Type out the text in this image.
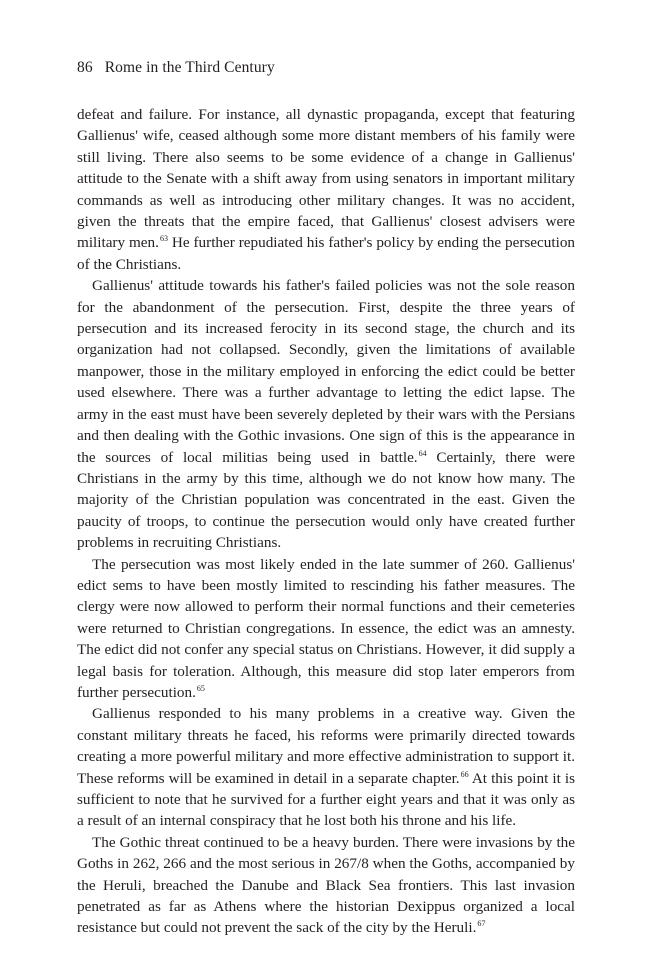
86 Rome in the Third Century

defeat and failure. For instance, all dynastic propaganda, except that featuring Gallienus' wife, ceased although some more distant members of his family were still living. There also seems to be some evidence of a change in Gallienus' attitude to the Senate with a shift away from using senators in important military commands as well as introducing other military changes. It was no accident, given the threats that the empire faced, that Gallienus' closest advisers were military men.$^{63}$ He further repudiated his father's policy by ending the persecution of the Christians.

Gallienus' attitude towards his father's failed policies was not the sole reason for the abandonment of the persecution. First, despite the three years of persecution and its increased ferocity in its second stage, the church and its organization had not collapsed. Secondly, given the limitations of available manpower, those in the military employed in enforcing the edict could be better used elsewhere. There was a further advantage to letting the edict lapse. The army in the east must have been severely depleted by their wars with the Persians and then dealing with the Gothic invasions. One sign of this is the appearance in the sources of local militias being used in battle.$^{64}$ Certainly, there were Christians in the army by this time, although we do not know how many. The majority of the Christian population was concentrated in the east. Given the paucity of troops, to continue the persecution would only have created further problems in recruiting Christians.

The persecution was most likely ended in the late summer of 260. Gallienus' edict sems to have been mostly limited to rescinding his father measures. The clergy were now allowed to perform their normal functions and their cemeteries were returned to Christian congregations. In essence, the edict was an amnesty. The edict did not confer any special status on Christians. However, it did supply a legal basis for toleration. Although, this measure did stop later emperors from further persecution.$^{65}$

Gallienus responded to his many problems in a creative way. Given the constant military threats he faced, his reforms were primarily directed towards creating a more powerful military and more effective administration to support it. These reforms will be examined in detail in a separate chapter.$^{66}$ At this point it is sufficient to note that he survived for a further eight years and that it was only as a result of an internal conspiracy that he lost both his throne and his life.

The Gothic threat continued to be a heavy burden. There were invasions by the Goths in 262, 266 and the most serious in 267/8 when the Goths, accompanied by the Heruli, breached the Danube and Black Sea frontiers. This last invasion penetrated as far as Athens where the historian Dexippus organized a local resistance but could not prevent the sack of the city by the Heruli.$^{67}$
